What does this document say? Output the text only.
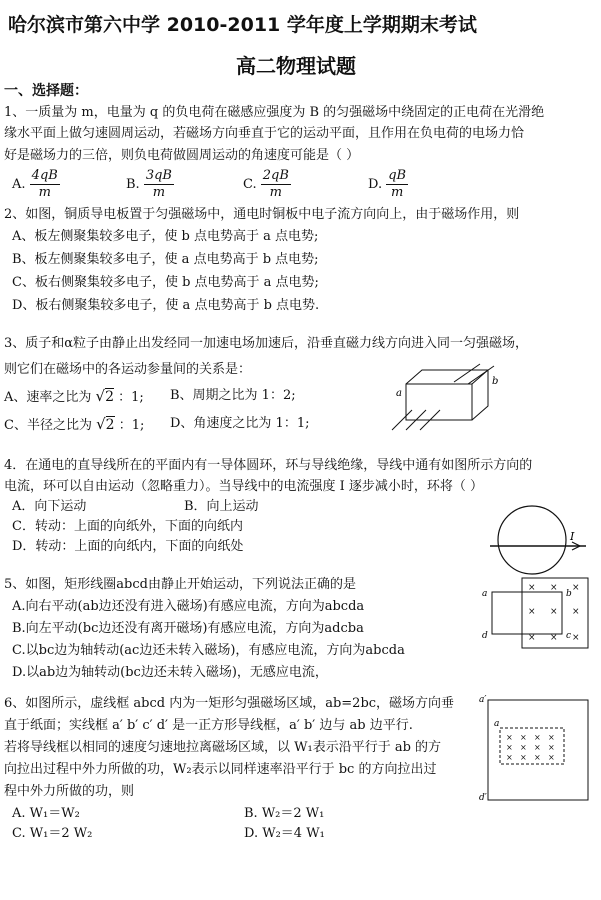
哈尔滨市第六中学 2010-2011 学年度上学期期末考试
高二物理试题
一、选择题：
1、一质量为 m，电量为 q 的负电荷在磁感应强度为 B 的匀强磁场中绕固定的正电荷在光滑绝
缘水平面上做匀速圆周运动，若磁场方向垂直于它的运动平面，且作用在负电荷的电场力恰
好是磁场力的三倍，则负电荷做圆周运动的角速度可能是（ ）
A. $\frac{4qB}{m}$	B. $\frac{3qB}{m}$	C. $\frac{2qB}{m}$	D. $\frac{qB}{m}$
2、如图，铜质导电板置于匀强磁场中，通电时铜板中电子流方向向上，由于磁场作用，则
A、板左侧聚集较多电子，使 b 点电势高于 a 点电势;
B、板左侧聚集较多电子，使 a 点电势高于 b 点电势;
C、板右侧聚集较多电子，使 b 点电势高于 a 点电势;
D、板右侧聚集较多电子，使 a 点电势高于 b 点电势.
3、质子和α粒子由静止出发经同一加速电场加速后，沿垂直磁力线方向进入同一匀强磁场，
则它们在磁场中的各运动参量间的关系是：
A、速率之比为 √2 ：1; B、周期之比为 1：2;
C、半径之比为 √2 ：1; D、角速度之比为 1：1;
a
b
4．在通电的直导线所在的平面内有一导体圆环，环与导线绝缘，导线中通有如图所示方向的
电流，环可以自由运动（忽略重力）。当导线中的电流强度 I 逐步减小时，环将（ ）
A．向下运动	B．向上运动
C．转动：上面的向纸外，下面的向纸内
D．转动：上面的向纸内，下面的向纸处
I
5、如图，矩形线圈abcd由静止开始运动，下列说法正确的是
A.向右平动(ab边还没有进入磁场)有感应电流，方向为abcda
B.向左平动(bc边还没有离开磁场)有感应电流，方向为adcba
C.以bc边为轴转动(ac边还未转入磁场)，有感应电流，方向为abcda
D.以ab边为轴转动(bc边还未转入磁场)，无感应电流，
× × ×
× × ×
× × ×
a	b
c
d
6、如图所示，虚线框 abcd 内为一矩形匀强磁场区域，ab=2bc，磁场方向垂
直于纸面；实线框 a′ b′ c′ d′ 是一正方形导线框，a′ b′ 边与 ab 边平行.
若将导线框以相同的速度匀速地拉离磁场区域，以 W₁表示沿平行于 ab 的方
向拉出过程中外力所做的功，W₂表示以同样速率沿平行于 bc 的方向拉出过
程中外力所做的功，则
A. W₁＝W₂	B. W₂＝2 W₁
C. W₁＝2 W₂	D. W₂＝4 W₁
× × × ×
× × × ×
× × × ×
a′
d′
a
